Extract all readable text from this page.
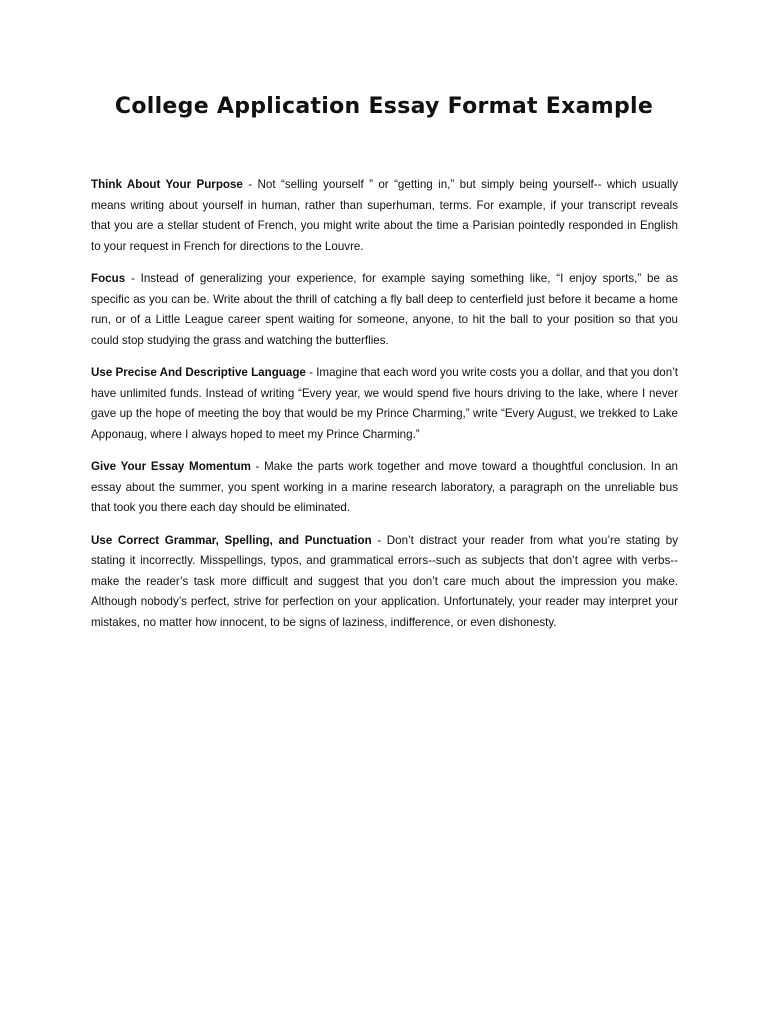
College Application Essay Format Example

Think About Your Purpose - Not “selling yourself ” or “getting in,” but simply being yourself-- which usually means writing about yourself in human, rather than superhuman, terms. For example, if your transcript reveals that you are a stellar student of French, you might write about the time a Parisian pointedly responded in English to your request in French for directions to the Louvre.

Focus - Instead of generalizing your experience, for example saying something like, “I enjoy sports,” be as specific as you can be. Write about the thrill of catching a fly ball deep to centerfield just before it became a home run, or of a Little League career spent waiting for someone, anyone, to hit the ball to your position so that you could stop studying the grass and watching the butterflies.

Use Precise And Descriptive Language - Imagine that each word you write costs you a dollar, and that you don’t have unlimited funds. Instead of writing “Every year, we would spend five hours driving to the lake, where I never gave up the hope of meeting the boy that would be my Prince Charming,” write “Every August, we trekked to Lake Apponaug, where I always hoped to meet my Prince Charming.”

Give Your Essay Momentum - Make the parts work together and move toward a thoughtful conclusion. In an essay about the summer, you spent working in a marine research laboratory, a paragraph on the unreliable bus that took you there each day should be eliminated.

Use Correct Grammar, Spelling, and Punctuation - Don’t distract your reader from what you’re stating by stating it incorrectly. Misspellings, typos, and grammatical errors--such as subjects that don’t agree with verbs--make the reader’s task more difficult and suggest that you don’t care much about the impression you make. Although nobody’s perfect, strive for perfection on your application. Unfortunately, your reader may interpret your mistakes, no matter how innocent, to be signs of laziness, indifference, or even dishonesty.
